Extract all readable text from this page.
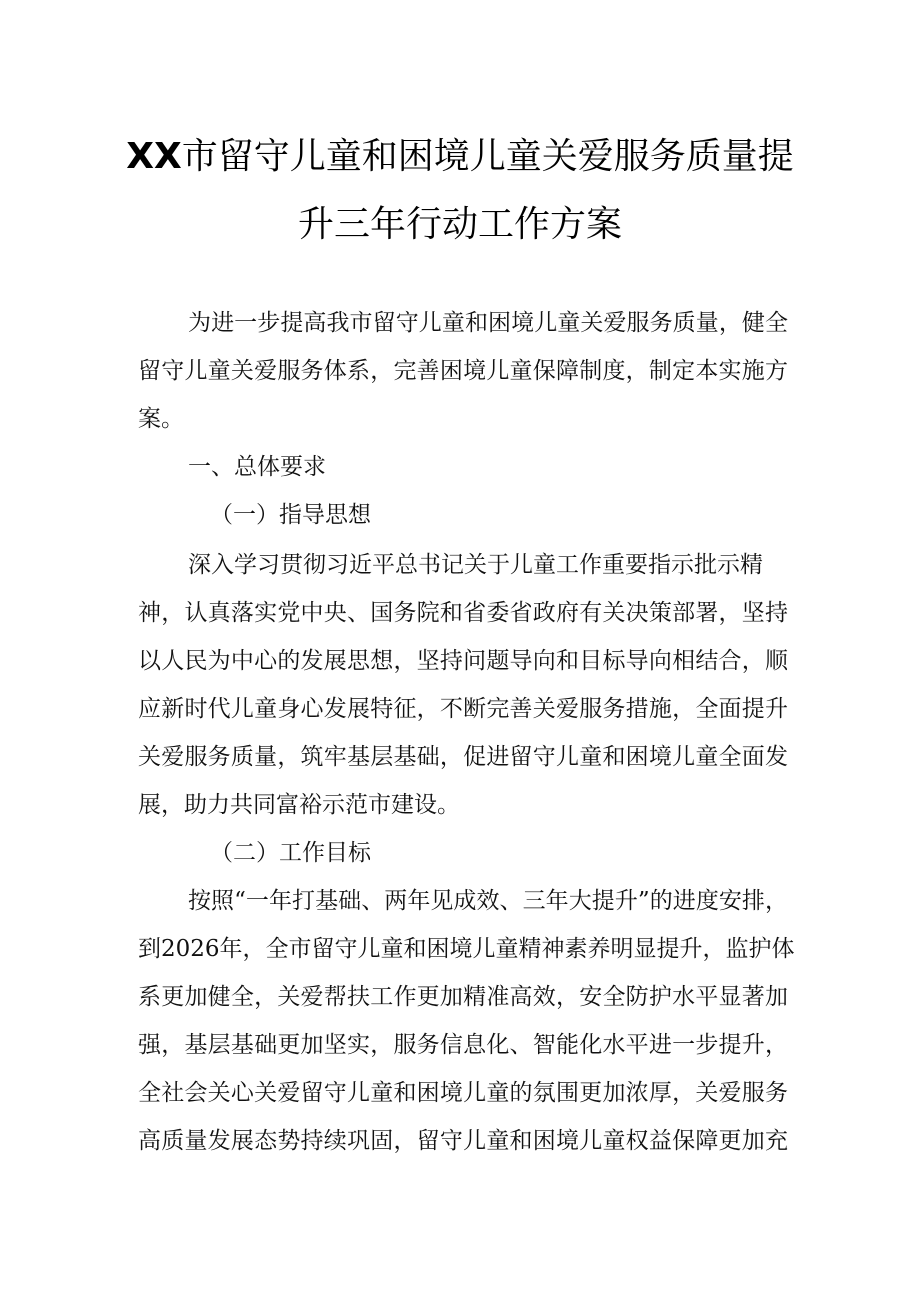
XX市留守儿童和困境儿童关爱服务质量提
升三年行动工作方案

为进一步提高我市留守儿童和困境儿童关爱服务质量，健全

留守儿童关爱服务体系，完善困境儿童保障制度，制定本实施方

案。

一、总体要求

（一）指导思想

深入学习贯彻习近平总书记关于儿童工作重要指示批示精

神，认真落实党中央、国务院和省委省政府有关决策部署，坚持

以人民为中心的发展思想，坚持问题导向和目标导向相结合，顺

应新时代儿童身心发展特征，不断完善关爱服务措施，全面提升

关爱服务质量，筑牢基层基础，促进留守儿童和困境儿童全面发

展，助力共同富裕示范市建设。

（二）工作目标

按照“一年打基础、两年见成效、三年大提升”的进度安排，

到2026年，全市留守儿童和困境儿童精神素养明显提升，监护体

系更加健全，关爱帮扶工作更加精准高效，安全防护水平显著加

强，基层基础更加坚实，服务信息化、智能化水平进一步提升，

全社会关心关爱留守儿童和困境儿童的氛围更加浓厚，关爱服务

高质量发展态势持续巩固，留守儿童和困境儿童权益保障更加充
